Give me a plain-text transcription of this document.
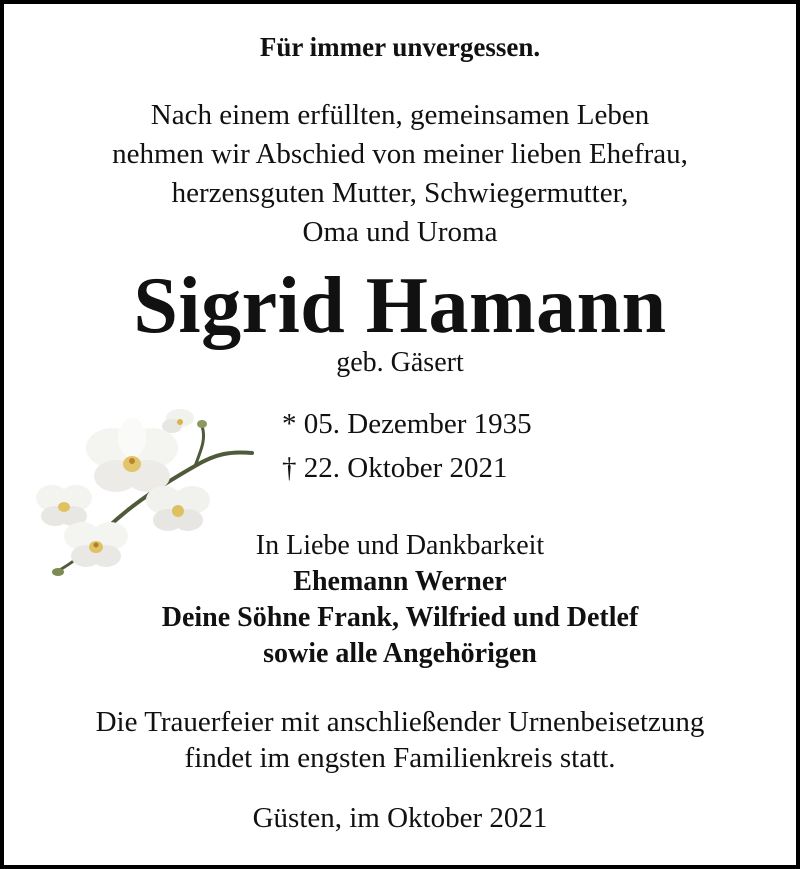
Für immer unvergessen.
Nach einem erfüllten, gemeinsamen Leben
nehmen wir Abschied von meiner lieben Ehefrau,
herzensguten Mutter, Schwiegermutter,
Oma und Uroma
Sigrid Hamann
geb. Gäsert
* 05. Dezember 1935
† 22. Oktober 2021
In Liebe und Dankbarkeit
Ehemann Werner
Deine Söhne Frank, Wilfried und Detlef
sowie alle Angehörigen
Die Trauerfeier mit anschließender Urnenbeisetzung
findet im engsten Familienkreis statt.
Güsten, im Oktober 2021
